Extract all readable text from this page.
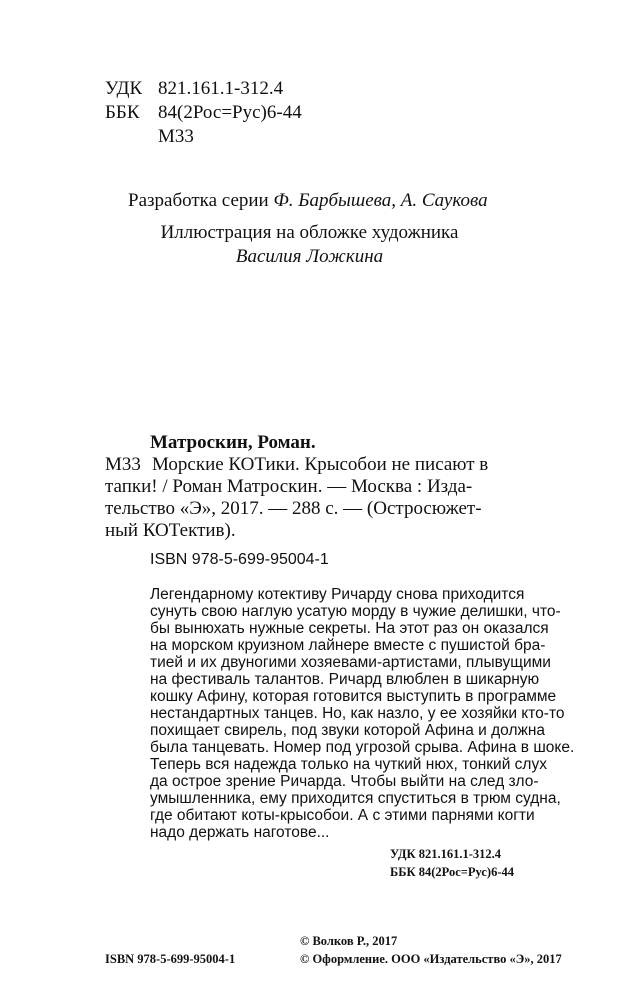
УДК 821.161.1-312.4
ББК 84(2Рос=Рус)6-44
М33
Разработка серии Ф. Барбышева, А. Саукова
Иллюстрация на обложке художника
Василия Ложкина
Матроскин, Роман.
М33 Морские КОТики. Крысобои не писают в
тапки! / Роман Матроскин. — Москва : Изда-
тельство «Э», 2017. — 288 с. — (Остросюжет-
ный КОТектив).
ISBN 978-5-699-95004-1
Легендарному котективу Ричарду снова приходится
сунуть свою наглую усатую морду в чужие делишки, что-
бы вынюхать нужные секреты. На этот раз он оказался
на морском круизном лайнере вместе с пушистой бра-
тией и их двуногими хозяевами-артистами, плывущими
на фестиваль талантов. Ричард влюблен в шикарную
кошку Афину, которая готовится выступить в программе
нестандартных танцев. Но, как назло, у ее хозяйки кто-то
похищает свирель, под звуки которой Афина и должна
была танцевать. Номер под угрозой срыва. Афина в шоке.
Теперь вся надежда только на чуткий нюх, тонкий слух
да острое зрение Ричарда. Чтобы выйти на след зло-
умышленника, ему приходится спуститься в трюм судна,
где обитают коты-крысобои. А с этими парнями когти
надо держать наготове...
УДК 821.161.1-312.4
ББК 84(2Рос=Рус)6-44
© Волков Р., 2017
ISBN 978-5-699-95004-1	© Оформление. ООО «Издательство «Э», 2017
